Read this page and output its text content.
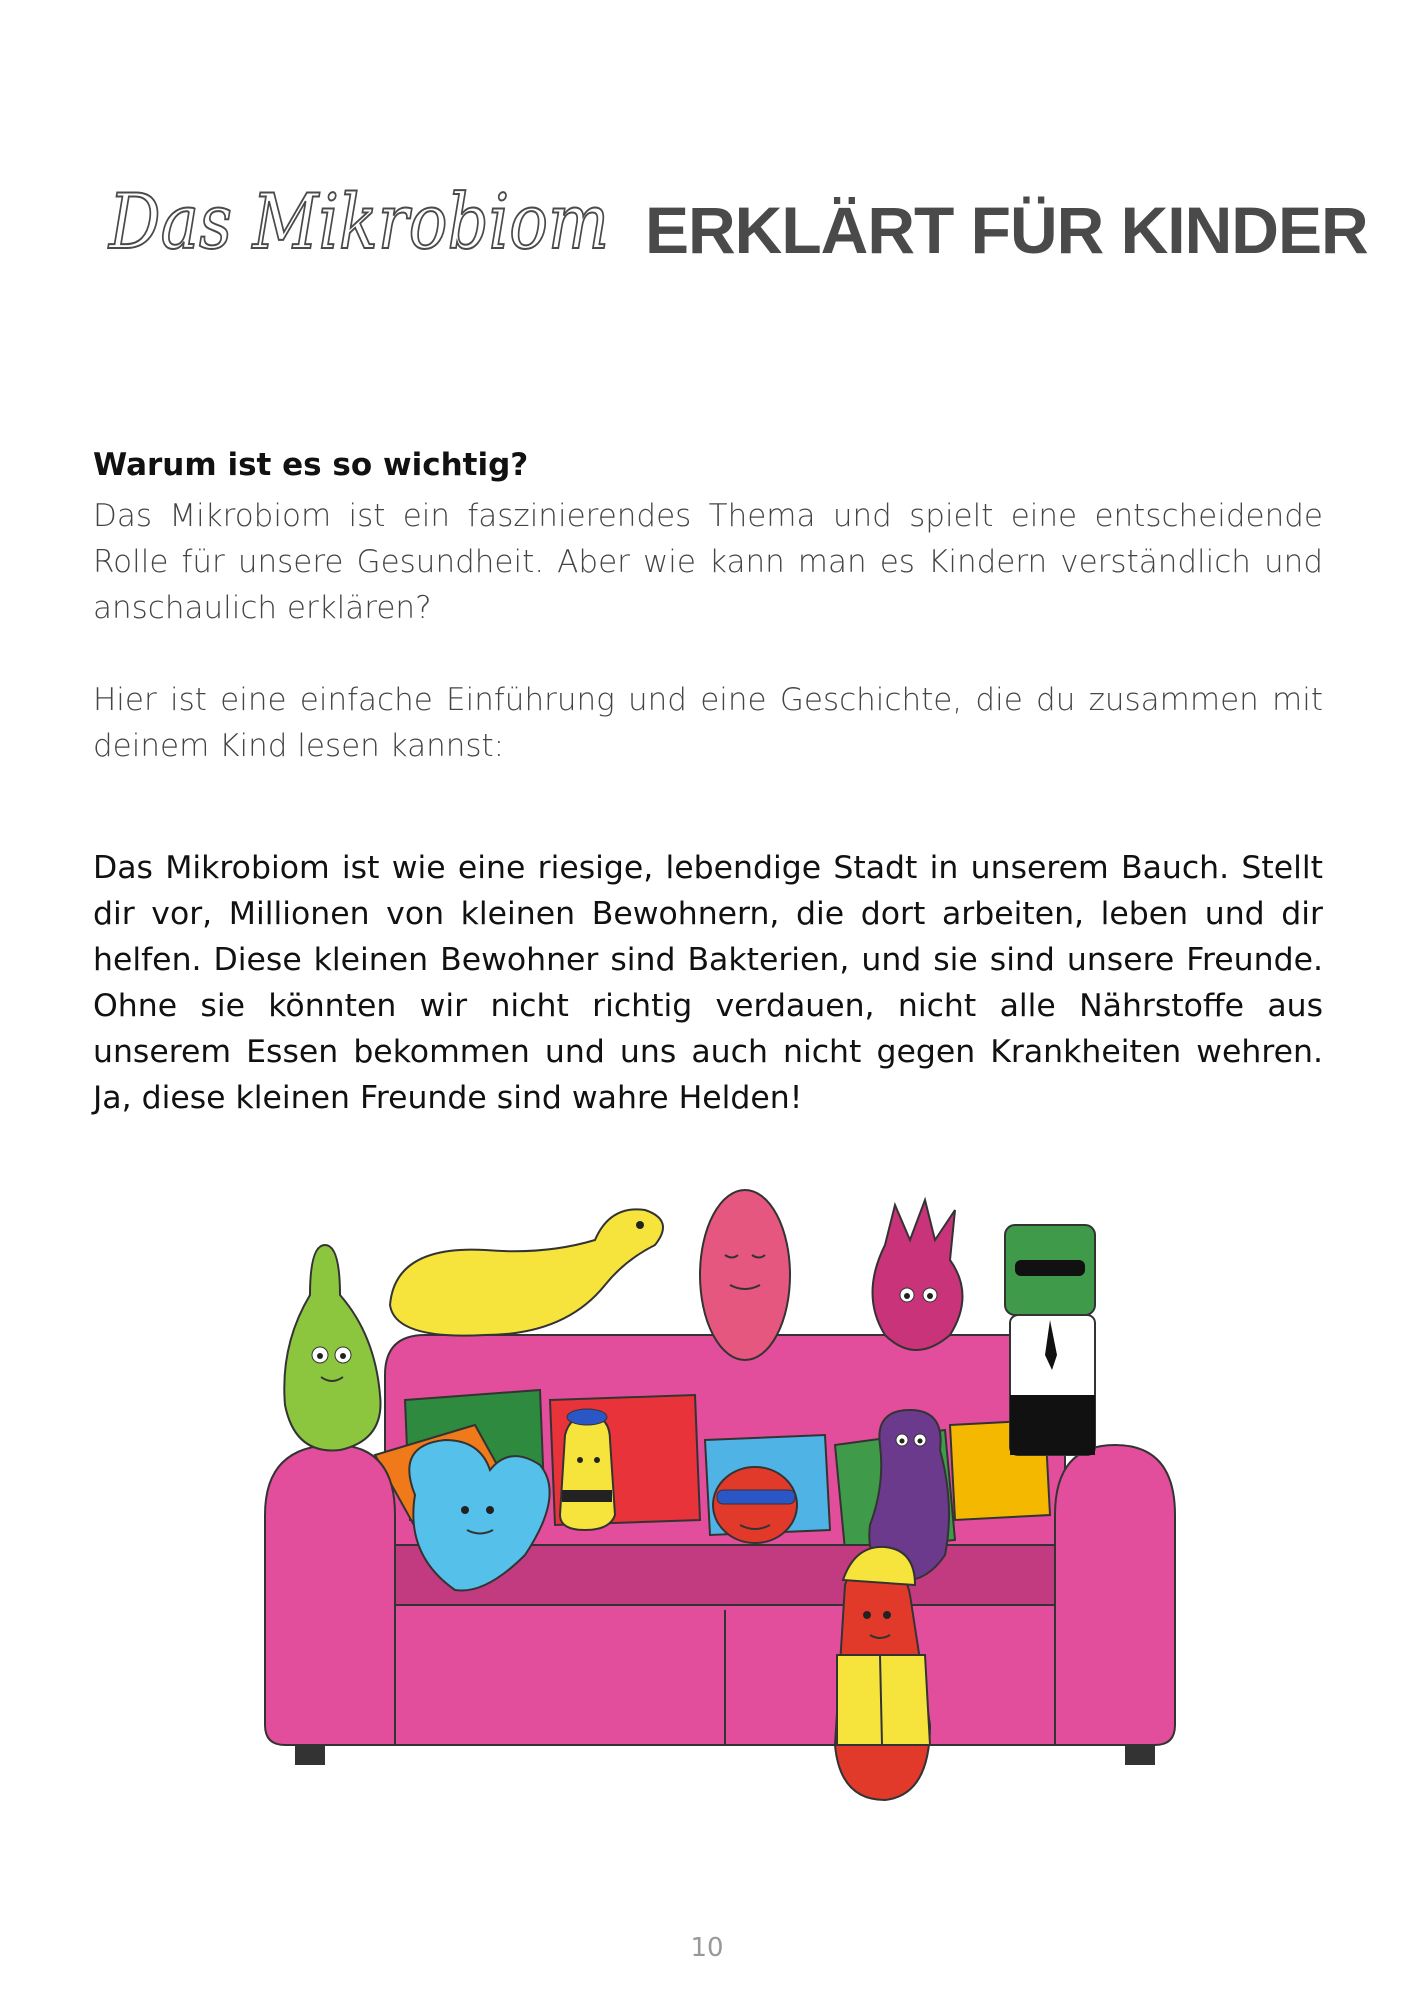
Das Mikrobiom ERKLÄRT FÜR KINDER
Warum ist es so wichtig?

Das Mikrobiom ist ein faszinierendes Thema und spielt eine entscheidende Rolle für unsere Gesundheit. Aber wie kann man es Kindern verständlich und anschaulich erklären?

Hier ist eine einfache Einführung und eine Geschichte, die du zusammen mit deinem Kind lesen kannst:

Das Mikrobiom ist wie eine riesige, lebendige Stadt in unserem Bauch. Stellt dir vor, Millionen von kleinen Bewohnern, die dort arbeiten, leben und dir helfen. Diese kleinen Bewohner sind Bakterien, und sie sind unsere Freunde. Ohne sie könnten wir nicht richtig verdauen, nicht alle Nährstoffe aus unserem Essen bekommen und uns auch nicht gegen Krankheiten wehren. Ja, diese kleinen Freunde sind wahre Helden!

10
